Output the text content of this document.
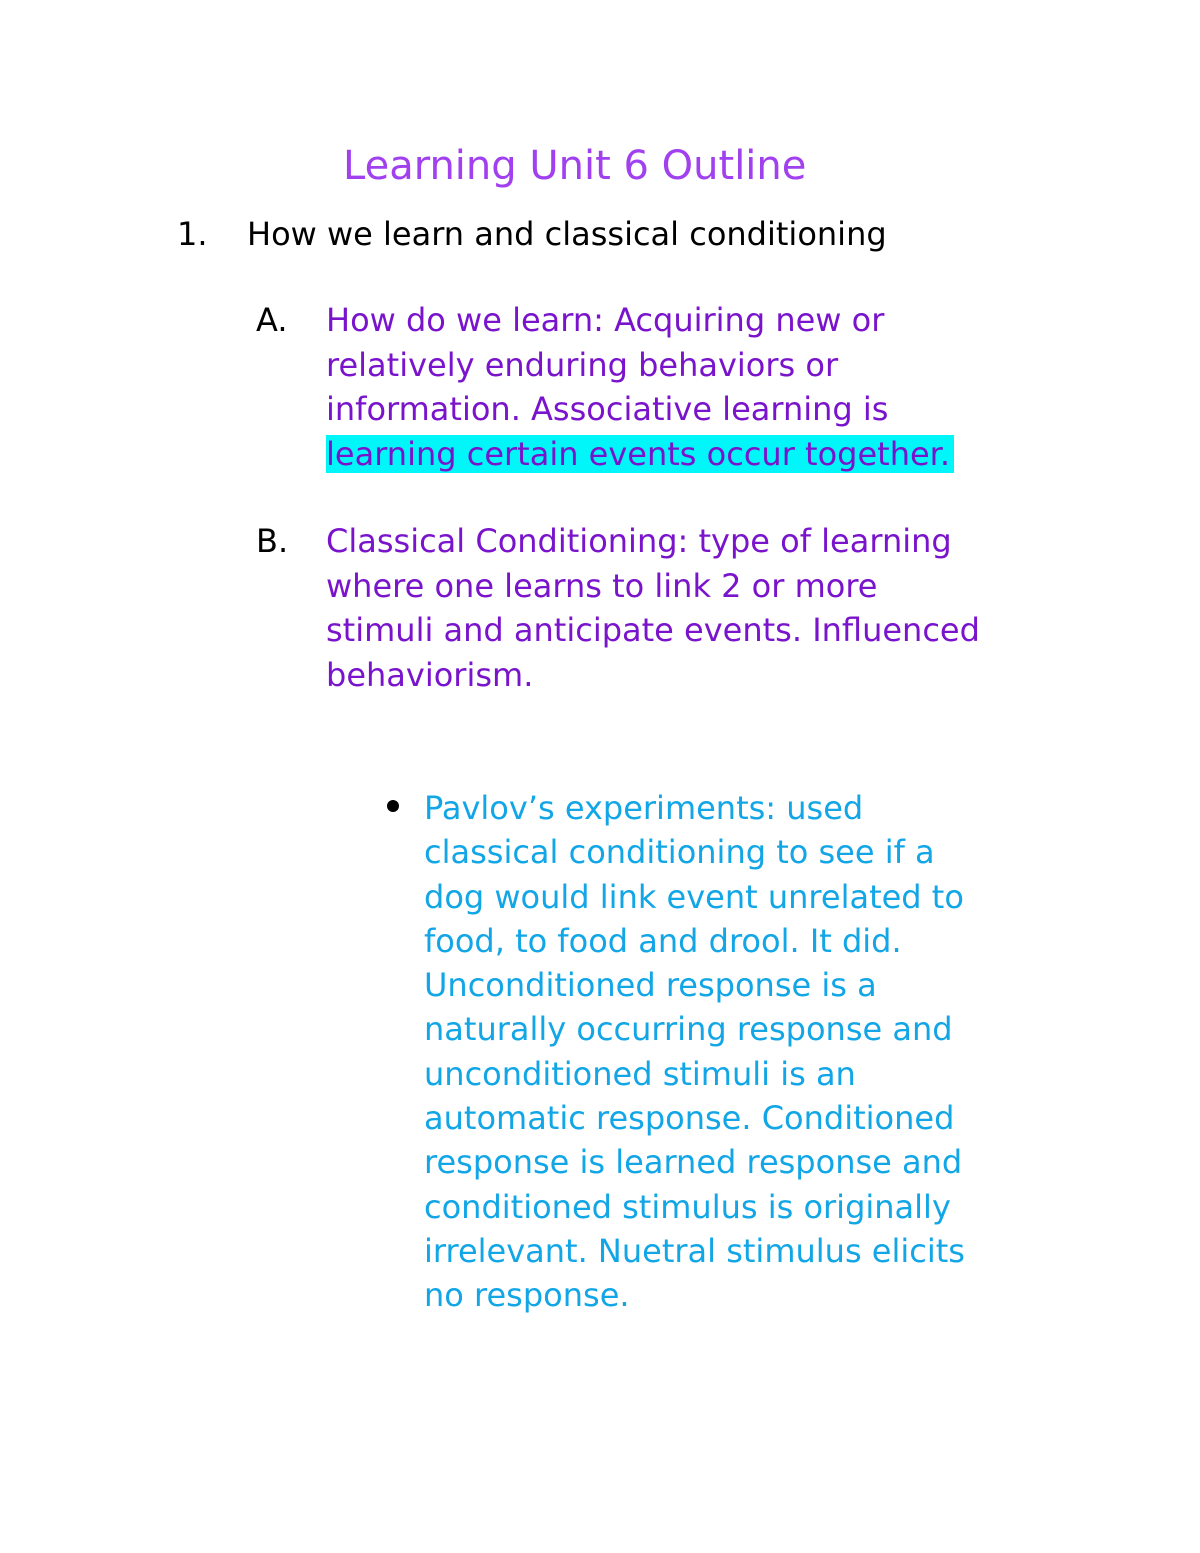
Learning Unit 6 Outline
1. How we learn and classical conditioning
A. How do we learn: Acquiring new or
relatively enduring behaviors or
information. Associative learning is
learning certain events occur together.
B. Classical Conditioning: type of learning
where one learns to link 2 or more
stimuli and anticipate events. Influenced
behaviorism.
Pavlov’s experiments: used
classical conditioning to see if a
dog would link event unrelated to
food, to food and drool. It did.
Unconditioned response is a
naturally occurring response and
unconditioned stimuli is an
automatic response. Conditioned
response is learned response and
conditioned stimulus is originally
irrelevant. Nuetral stimulus elicits
no response.
